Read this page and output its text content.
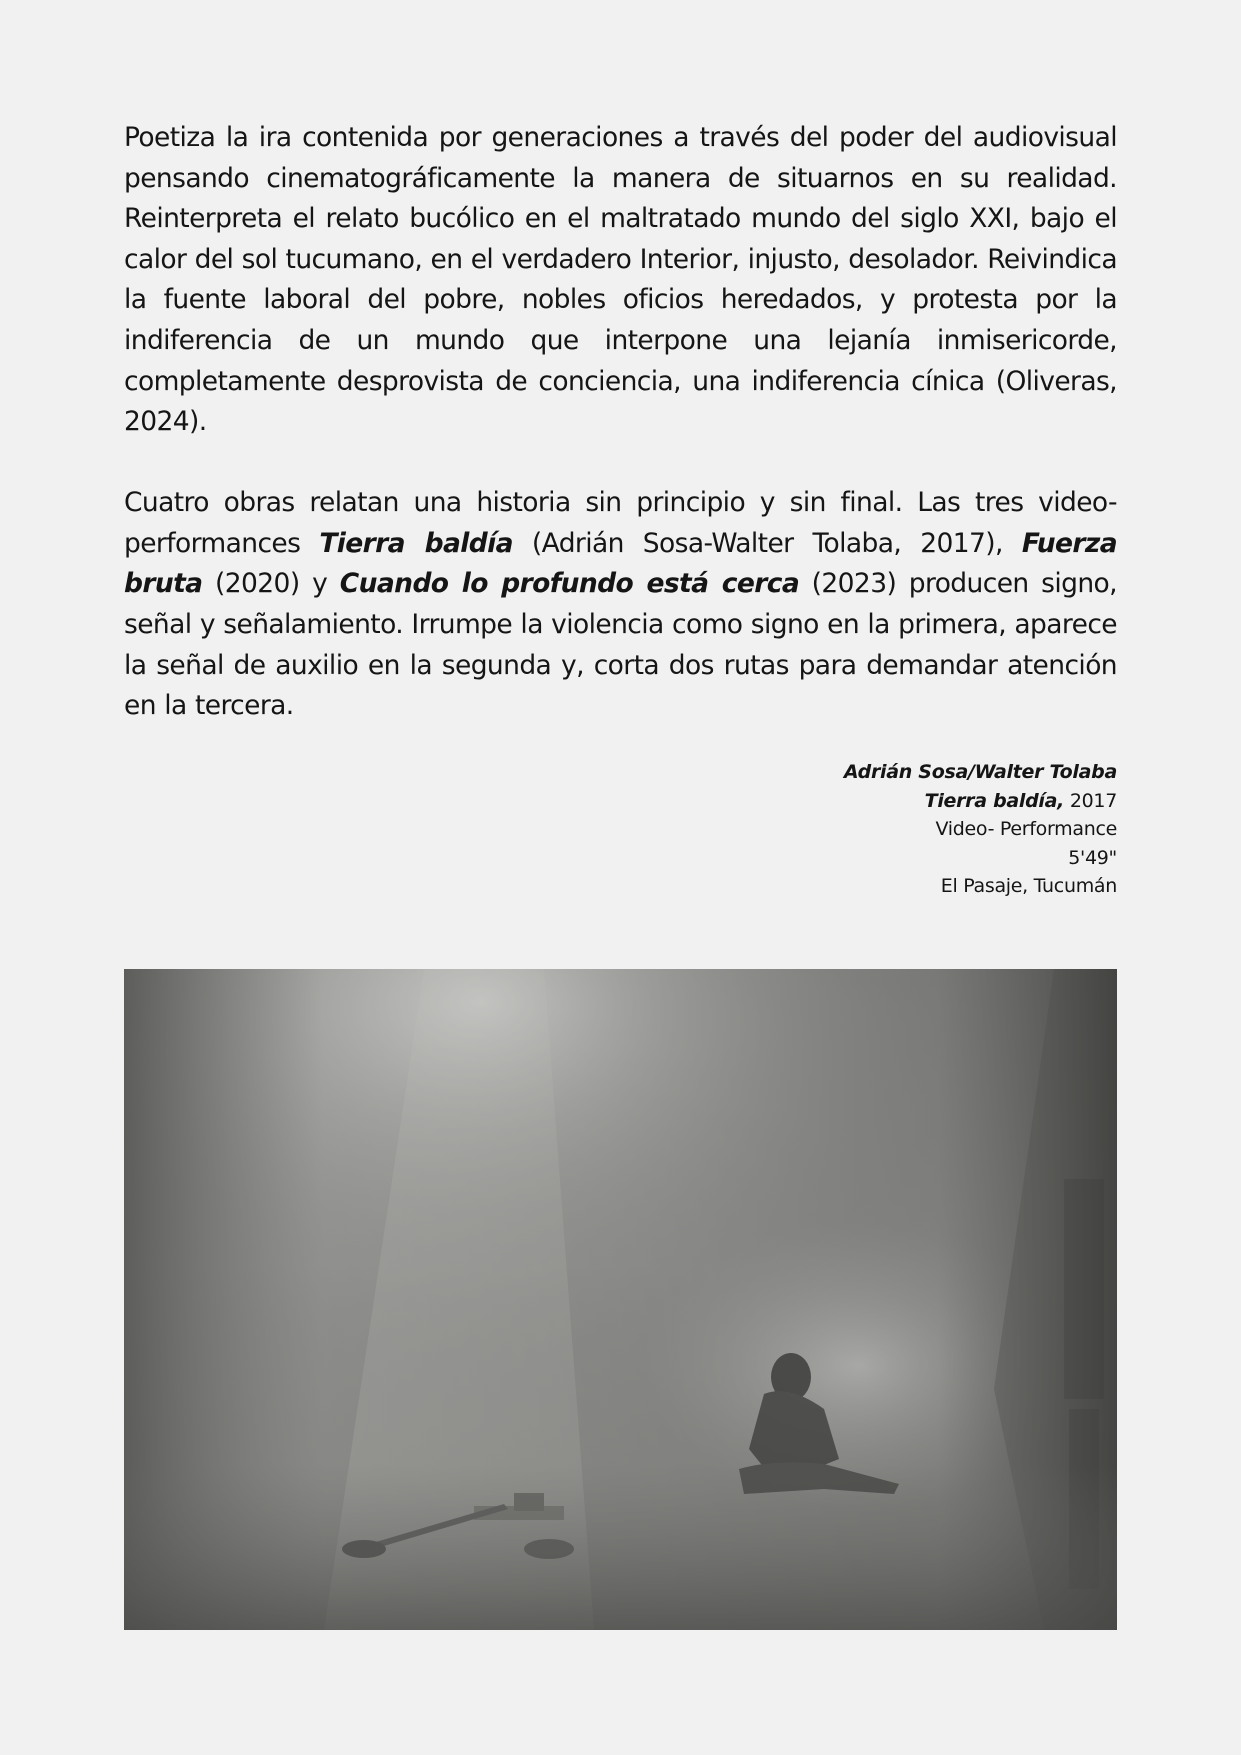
Poetiza la ira contenida por generaciones a través del poder del audiovisual pensando cinematográficamente la manera de situarnos en su realidad. Reinterpreta el relato bucólico en el maltratado mundo del siglo XXI, bajo el calor del sol tucumano, en el verdadero Interior, injusto, desolador. Reivindica la fuente laboral del pobre, nobles oficios heredados, y protesta por la indiferencia de un mundo que interpone una lejanía inmisericorde, completamente desprovista de conciencia, una indiferencia cínica (Oliveras, 2024).

Cuatro obras relatan una historia sin principio y sin final. Las tres video-performances Tierra baldía (Adrián Sosa-Walter Tolaba, 2017), Fuerza bruta (2020) y Cuando lo profundo está cerca (2023) producen signo, señal y señalamiento. Irrumpe la violencia como signo en la primera, aparece la señal de auxilio en la segunda y, corta dos rutas para demandar atención en la tercera.

Adrián Sosa/Walter Tolaba
Tierra baldía, 2017
Video- Performance
5'49"
El Pasaje, Tucumán
